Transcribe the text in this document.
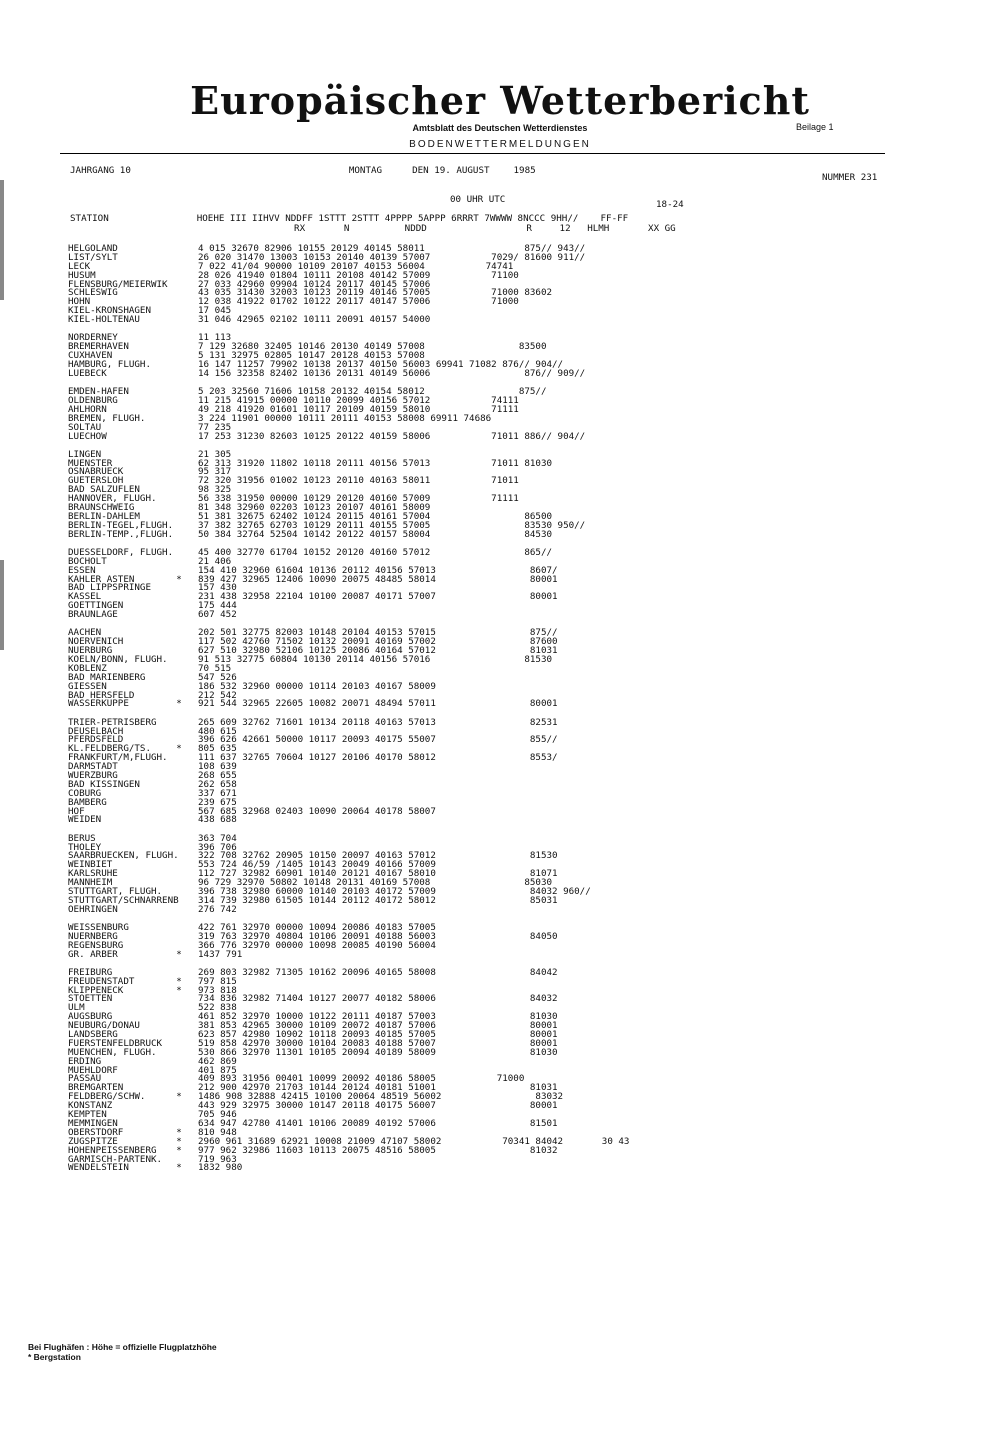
Europäischer Wetterbericht
Amtsblatt des Deutschen Wetterdienstes	Beilage 1
BODENWETTERMELDUNGEN
JAHRGANG 10	MONTAG	DEN 19. AUGUST	1985
NUMMER 231
00 UHR UTC	18-24
STATION	HOEHE III IIHVV NDDFF 1STTT 2STTT 4PPPP 5APPP 6RRRT 7WWWW 8NCCC 9HH//    FF-FF
RX       N          NDDD                  R     12   HLMH       XX GG
HELGOLAND	4 015 32670 82906 10155 20129 40145 58011                  875// 943//
LIST/SYLT	26 020 31470 13003 10153 20140 40139 57007           7029/ 81600 911//
LECK	7 022 41/04 90000 10109 20107 40153 56004           74741
HUSUM	28 026 41940 01804 10111 20108 40142 57009           71100
FLENSBURG/MEIERWIK	27 033 42960 09904 10124 20117 40145 57006
SCHLESWIG	43 035 31430 32003 10123 20119 40146 57005           71000 83602
HOHN	12 038 41922 01702 10122 20117 40147 57006           71000
KIEL-KRONSHAGEN	17 045
KIEL-HOLTENAU	31 046 42965 02102 10111 20091 40157 54000
NORDERNEY	11 113
BREMERHAVEN	7 129 32680 32405 10146 20130 40149 57008                 83500
CUXHAVEN	5 131 32975 02805 10147 20128 40153 57008
HAMBURG, FLUGH.	16 147 11257 79902 10138 20137 40150 56003 69941 71082 876// 904//
LUEBECK	14 156 32358 82402 10136 20131 40149 56006                 876// 909//
EMDEN-HAFEN	5 203 32560 71606 10158 20132 40154 58012                 875//
OLDENBURG	11 215 41915 00000 10110 20099 40156 57012           74111
AHLHORN	49 218 41920 01601 10117 20109 40159 58010           71111
BREMEN, FLUGH.	3 224 11901 00000 10111 20111 40153 58008 69911 74686
SOLTAU	77 235
LUECHOW	17 253 31230 82603 10125 20122 40159 58006           71011 886// 904//
LINGEN	21 305
MUENSTER	62 313 31920 11802 10118 20111 40156 57013           71011 81030
OSNABRUECK	95 317
GUETERSLOH	72 320 31956 01002 10123 20110 40163 58011           71011
BAD SALZUFLEN	98 325
HANNOVER, FLUGH.	56 338 31950 00000 10129 20120 40160 57009           71111
BRAUNSCHWEIG	81 348 32960 02203 10123 20107 40161 58009
BERLIN-DAHLEM	51 381 32675 62402 10124 20115 40161 57004                 86500
BERLIN-TEGEL,FLUGH.	37 382 32765 62703 10129 20111 40155 57005                 83530 950//
BERLIN-TEMP.,FLUGH.	50 384 32764 52504 10142 20122 40157 58004                 84530
DUESSELDORF, FLUGH.	45 400 32770 61704 10152 20120 40160 57012                 865//
BOCHOLT	21 406
ESSEN	154 410 32960 61604 10136 20112 40156 57013                 8607/
KAHLER ASTEN	* 839 427 32965 12406 10090 20075 48485 58014                 80001
BAD LIPPSPRINGE	157 430
KASSEL	231 438 32958 22104 10100 20087 40171 57007                 80001
GOETTINGEN	175 444
BRAUNLAGE	607 452
AACHEN	202 501 32775 82003 10148 20104 40153 57015                 875//
NOERVENICH	117 502 42760 71502 10132 20091 40169 57002                 87600
NUERBURG	627 510 32980 52106 10125 20086 40164 57012                 81031
KOELN/BONN, FLUGH.	91 513 32775 60804 10130 20114 40156 57016                 81530
KOBLENZ	70 515
BAD MARIENBERG	547 526
GIESSEN	186 532 32960 00000 10114 20103 40167 58009
BAD HERSFELD	212 542
WASSERKUPPE	* 921 544 32965 22605 10082 20071 48494 57011                 80001
TRIER-PETRISBERG	265 609 32762 71601 10134 20118 40163 57013                 82531
DEUSELBACH	480 615
PFERDSFELD	396 626 42661 50000 10117 20093 40175 55007                 855//
KL.FELDBERG/TS.	* 805 635
FRANKFURT/M,FLUGH.	111 637 32765 70604 10127 20106 40170 58012                 8553/
DARMSTADT	108 639
WUERZBURG	268 655
BAD KISSINGEN	262 658
COBURG	337 671
BAMBERG	239 675
HOF	567 685 32968 02403 10090 20064 40178 58007
WEIDEN	438 688
BERUS	363 704
THOLEY	396 706
SAARBRUECKEN, FLUGH. 322 708 32762 20905 10150 20097 40163 57012                 81530
WEINBIET	553 724 46/59 /1405 10143 20049 40166 57009
KARLSRUHE	112 727 32982 60901 10140 20121 40167 58010                 81071
MANNHEIM	96 729 32970 50802 10148 20131 40169 57008                 85030
STUTTGART, FLUGH.	396 738 32980 60000 10140 20103 40172 57009                 84032 960//
STUTTGART/SCHNARRENB 314 739 32980 61505 10144 20112 40172 58012                 85031
OEHRINGEN	276 742
WEISSENBURG	422 761 32970 00000 10094 20086 40183 57005
NUERNBERG	319 763 32970 40804 10106 20091 40188 56003                 84050
REGENSBURG	366 776 32970 00000 10098 20085 40190 56004
GR. ARBER	* 1437 791
FREIBURG	269 803 32982 71305 10162 20096 40165 58008                 84042
FREUDENSTADT	* 797 815
KLIPPENECK	* 973 818
STOETTEN	734 836 32982 71404 10127 20077 40182 58006                 84032
ULM	522 838
AUGSBURG	461 852 32970 10000 10122 20111 40187 57003                 81030
NEUBURG/DONAU	381 853 42965 30000 10109 20072 40187 57006                 80001
LANDSBERG	623 857 42980 10902 10118 20093 40185 57005                 80001
FUERSTENFELDBRUCK	519 858 42970 30000 10104 20083 40188 57007                 80001
MUENCHEN, FLUGH.	530 866 32970 11301 10105 20094 40189 58009                 81030
ERDING	462 869
MUEHLDORF	401 875
PASSAU	409 893 31956 00401 10099 20092 40186 58005           71000
BREMGARTEN	212 900 42970 21703 10144 20124 40181 51001                 81031
FELDBERG/SCHW.	* 1486 908 32888 42415 10100 20064 48519 56002                 83032
KONSTANZ	443 929 32975 30000 10147 20118 40175 56007                 80001
KEMPTEN	705 946
MEMMINGEN	634 947 42780 41401 10106 20089 40192 57006                 81501
OBERSTDORF	* 810 948
ZUGSPITZE	* 2960 961 31689 62921 10008 21009 47107 58002           70341 84042       30 43
HOHENPEISSENBERG * 977 962 32986 11603 10113 20075 48516 58005                 81032
GARMISCH-PARTENK.	719 963
WENDELSTEIN	* 1832 980
Bei Flughäfen : Höhe = offizielle Flugplatzhöhe
* Bergstation
